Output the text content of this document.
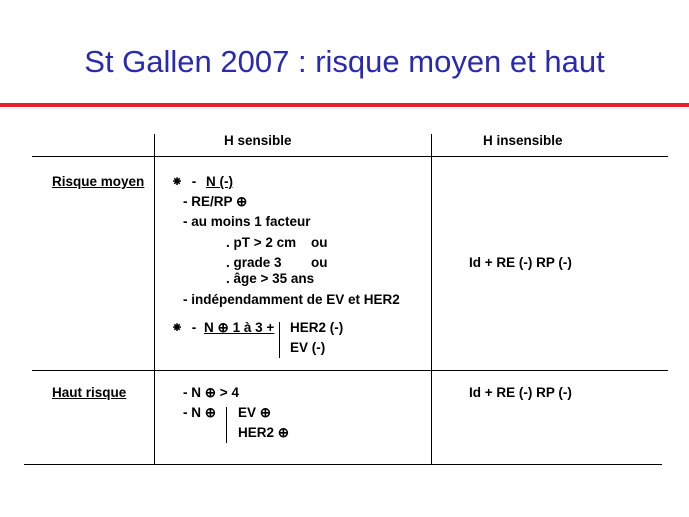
St Gallen 2007 : risque moyen et haut
H sensible	H insensible
Risque moyen ⁕ - N (-)
- RE/RP ⊕
- au moins 1 facteur
. pT > 2 cm ou
. grade 3 ou
. âge > 35 ans
- indépendamment de EV et HER2
⁕ - N ⊕ 1 à 3 + HER2 (-)
EV (-)
Id + RE (-) RP (-)
Haut risque	- N ⊕ > 4
- N ⊕ EV ⊕
HER2 ⊕
Id + RE (-) RP (-)
